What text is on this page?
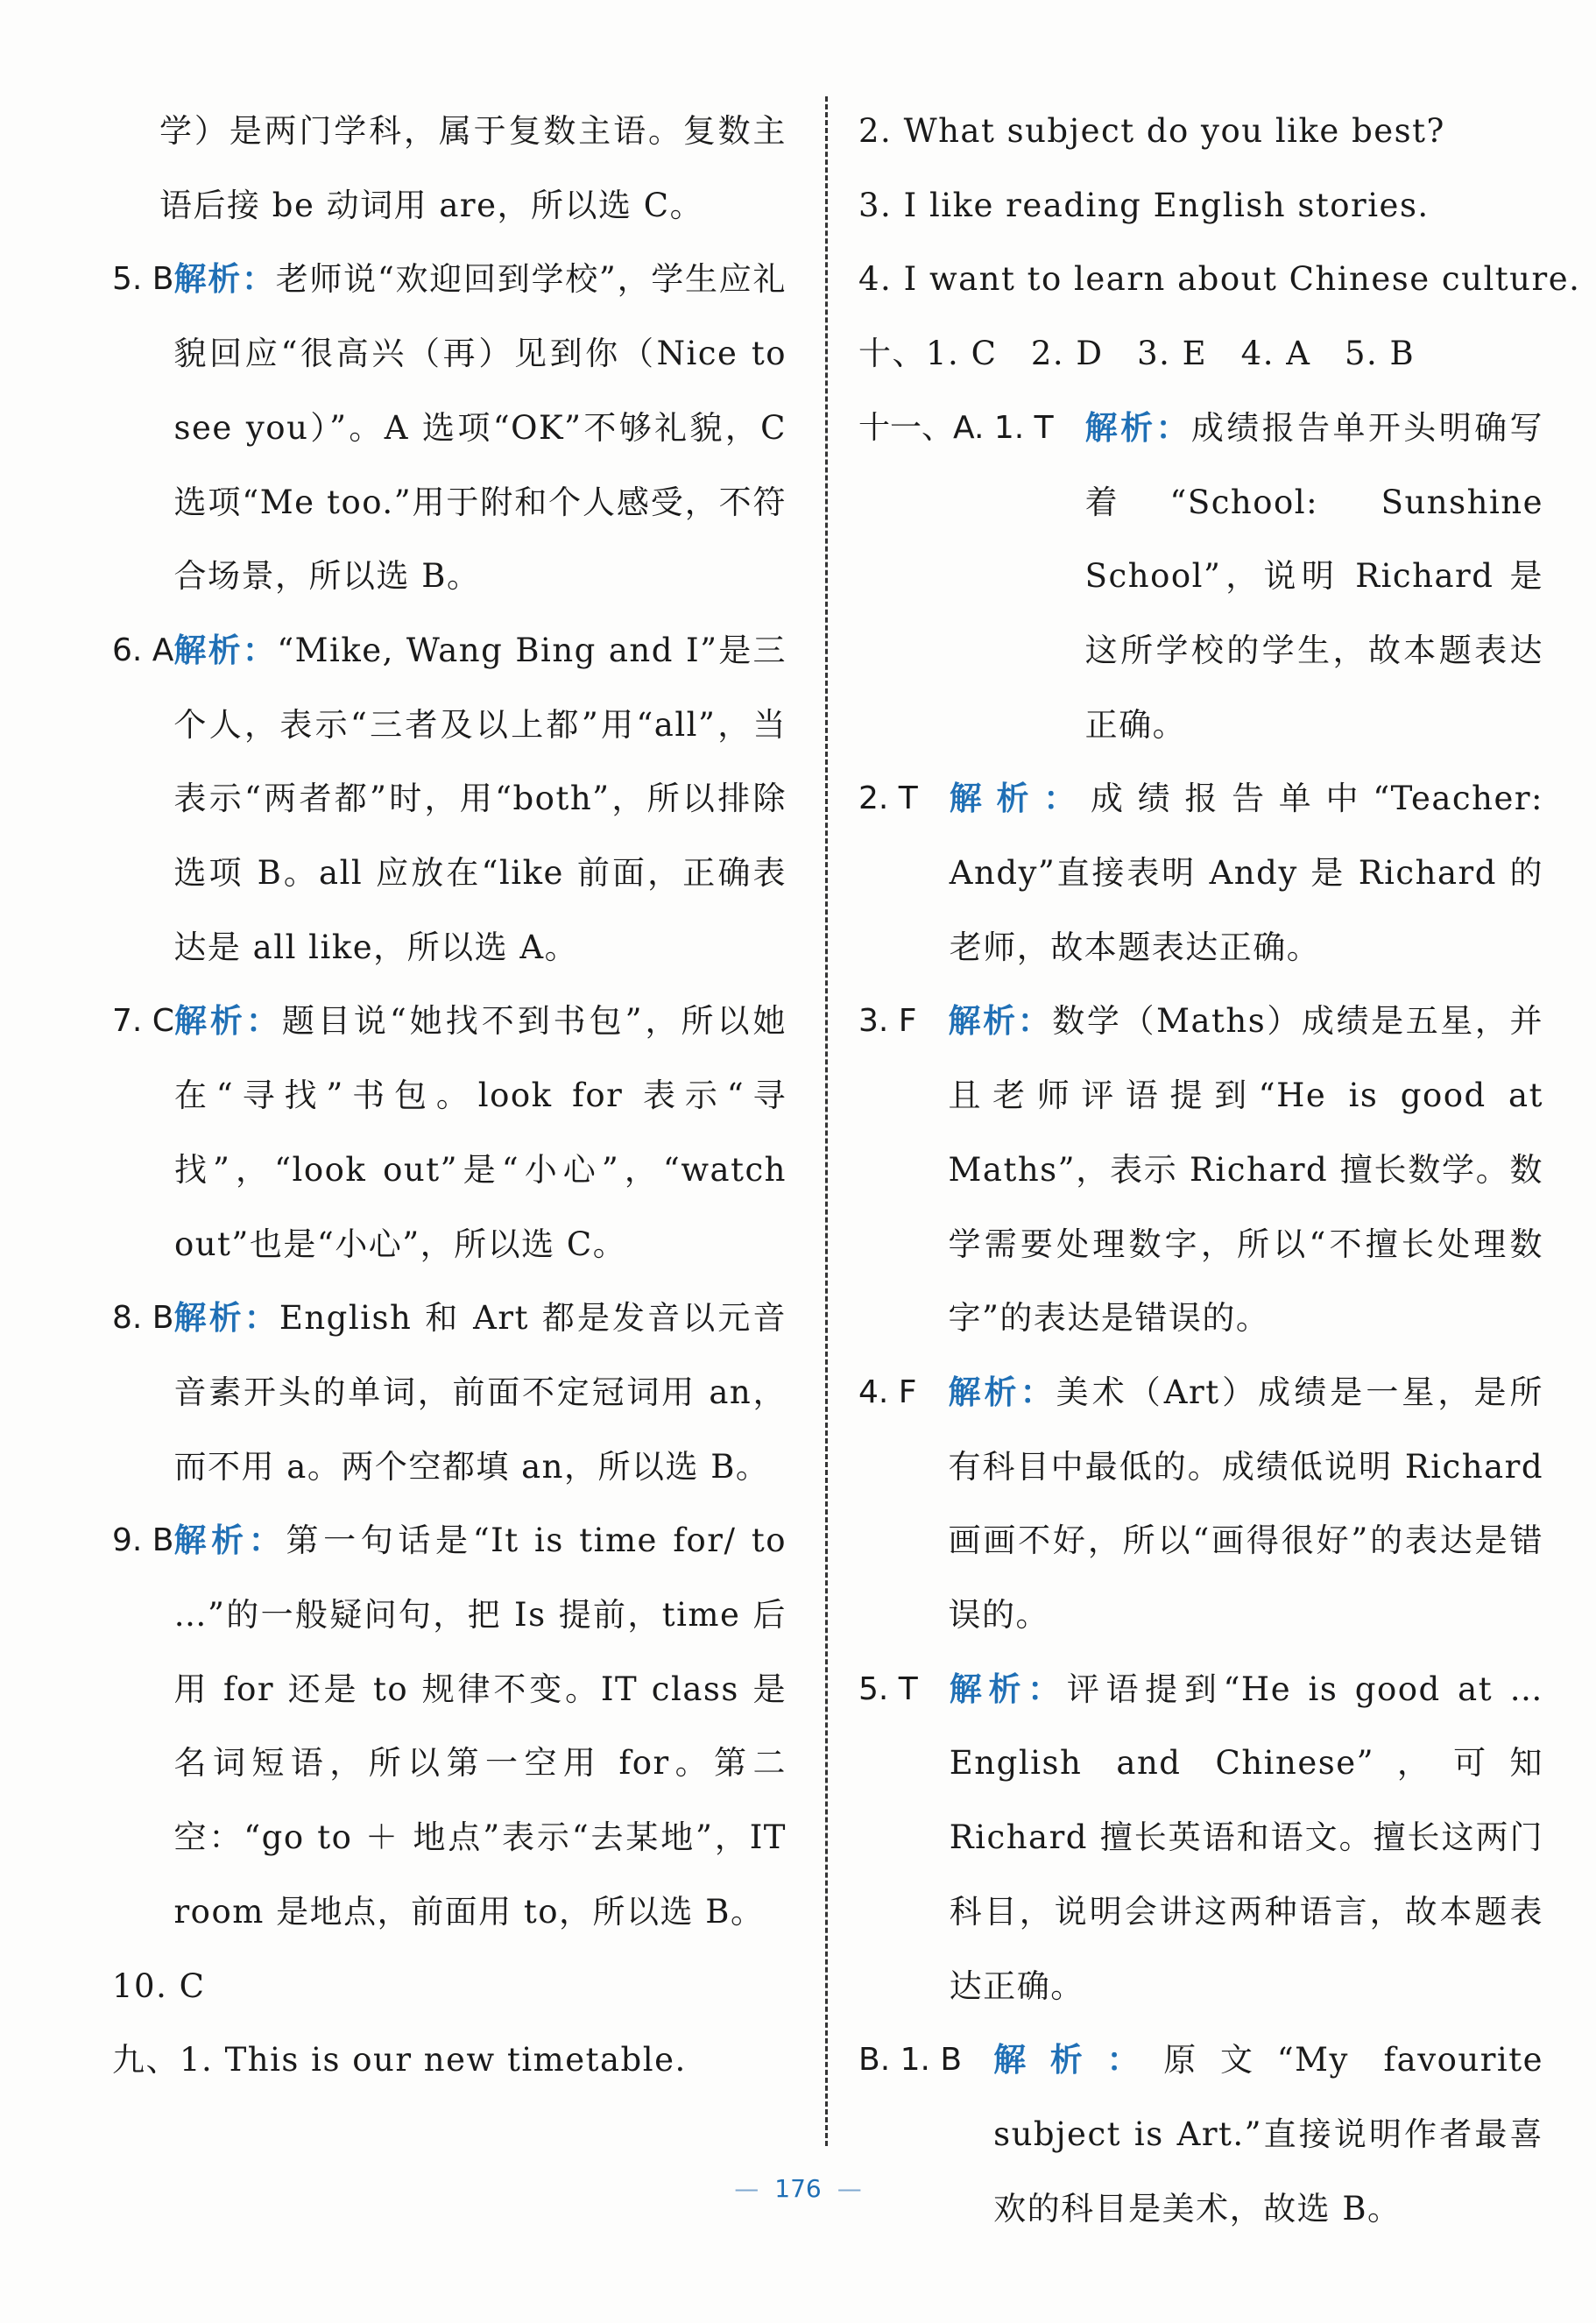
学）是两门学科，属于复数主语。复数主语后接 be 动词用 are，所以选 C。

5. B 解析：老师说“欢迎回到学校”，学生应礼貌回应“很高兴（再）见到你（Nice to see you）”。A 选项“OK”不够礼貌，C 选项“Me too.”用于附和个人感受，不符合场景，所以选 B。

6. A 解析：“Mike, Wang Bing and I”是三个人，表示“三者及以上都”用“all”，当表示“两者都”时，用“both”，所以排除选项 B。all 应放在“like 前面，正确表达是 all like，所以选 A。

7. C 解析：题目说“她找不到书包”，所以她在“寻找”书包。look for 表示“寻找”，“look out”是“小心”，“watch out”也是“小心”，所以选 C。

8. B 解析：English 和 Art 都是发音以元音音素开头的单词，前面不定冠词用 an，而不用 a。两个空都填 an，所以选 B。

9. B 解析：第一句话是“It is time for/ to …”的一般疑问句，把 Is 提前，time 后用 for 还是 to 规律不变。IT class 是名词短语，所以第一空用 for。第二空：“go to ＋ 地点”表示“去某地”，IT room 是地点，前面用 to，所以选 B。

10. C

九、1. This is our new timetable.

2. What subject do you like best?

3. I like reading English stories.

4. I want to learn about Chinese culture.

十、1. C　2. D　3. E　4. A　5. B

十一、A. 1. T　 解析：成绩报告单开头明确写着“School: Sunshine School”，说明 Richard 是这所学校的学生，故本题表达正确。

2. T　 解析：成绩报告单中“Teacher: Andy”直接表明 Andy 是 Richard 的老师，故本题表达正确。

3. F　 解析：数学（Maths）成绩是五星，并且老师评语提到“He is good at Maths”，表示 Richard 擅长数学。数学需要处理数字，所以“不擅长处理数字”的表达是错误的。

4. F　 解析：美术（Art）成绩是一星，是所有科目中最低的。成绩低说明 Richard 画画不好，所以“画得很好”的表达是错误的。

5. T　 解析：评语提到“He is good at … English and Chinese”，可知 Richard 擅长英语和语文。擅长这两门科目，说明会讲这两种语言，故本题表达正确。

B. 1. B　 解析：原文“My favourite subject is Art.”直接说明作者最喜欢的科目是美术，故选 B。

— 176 —
